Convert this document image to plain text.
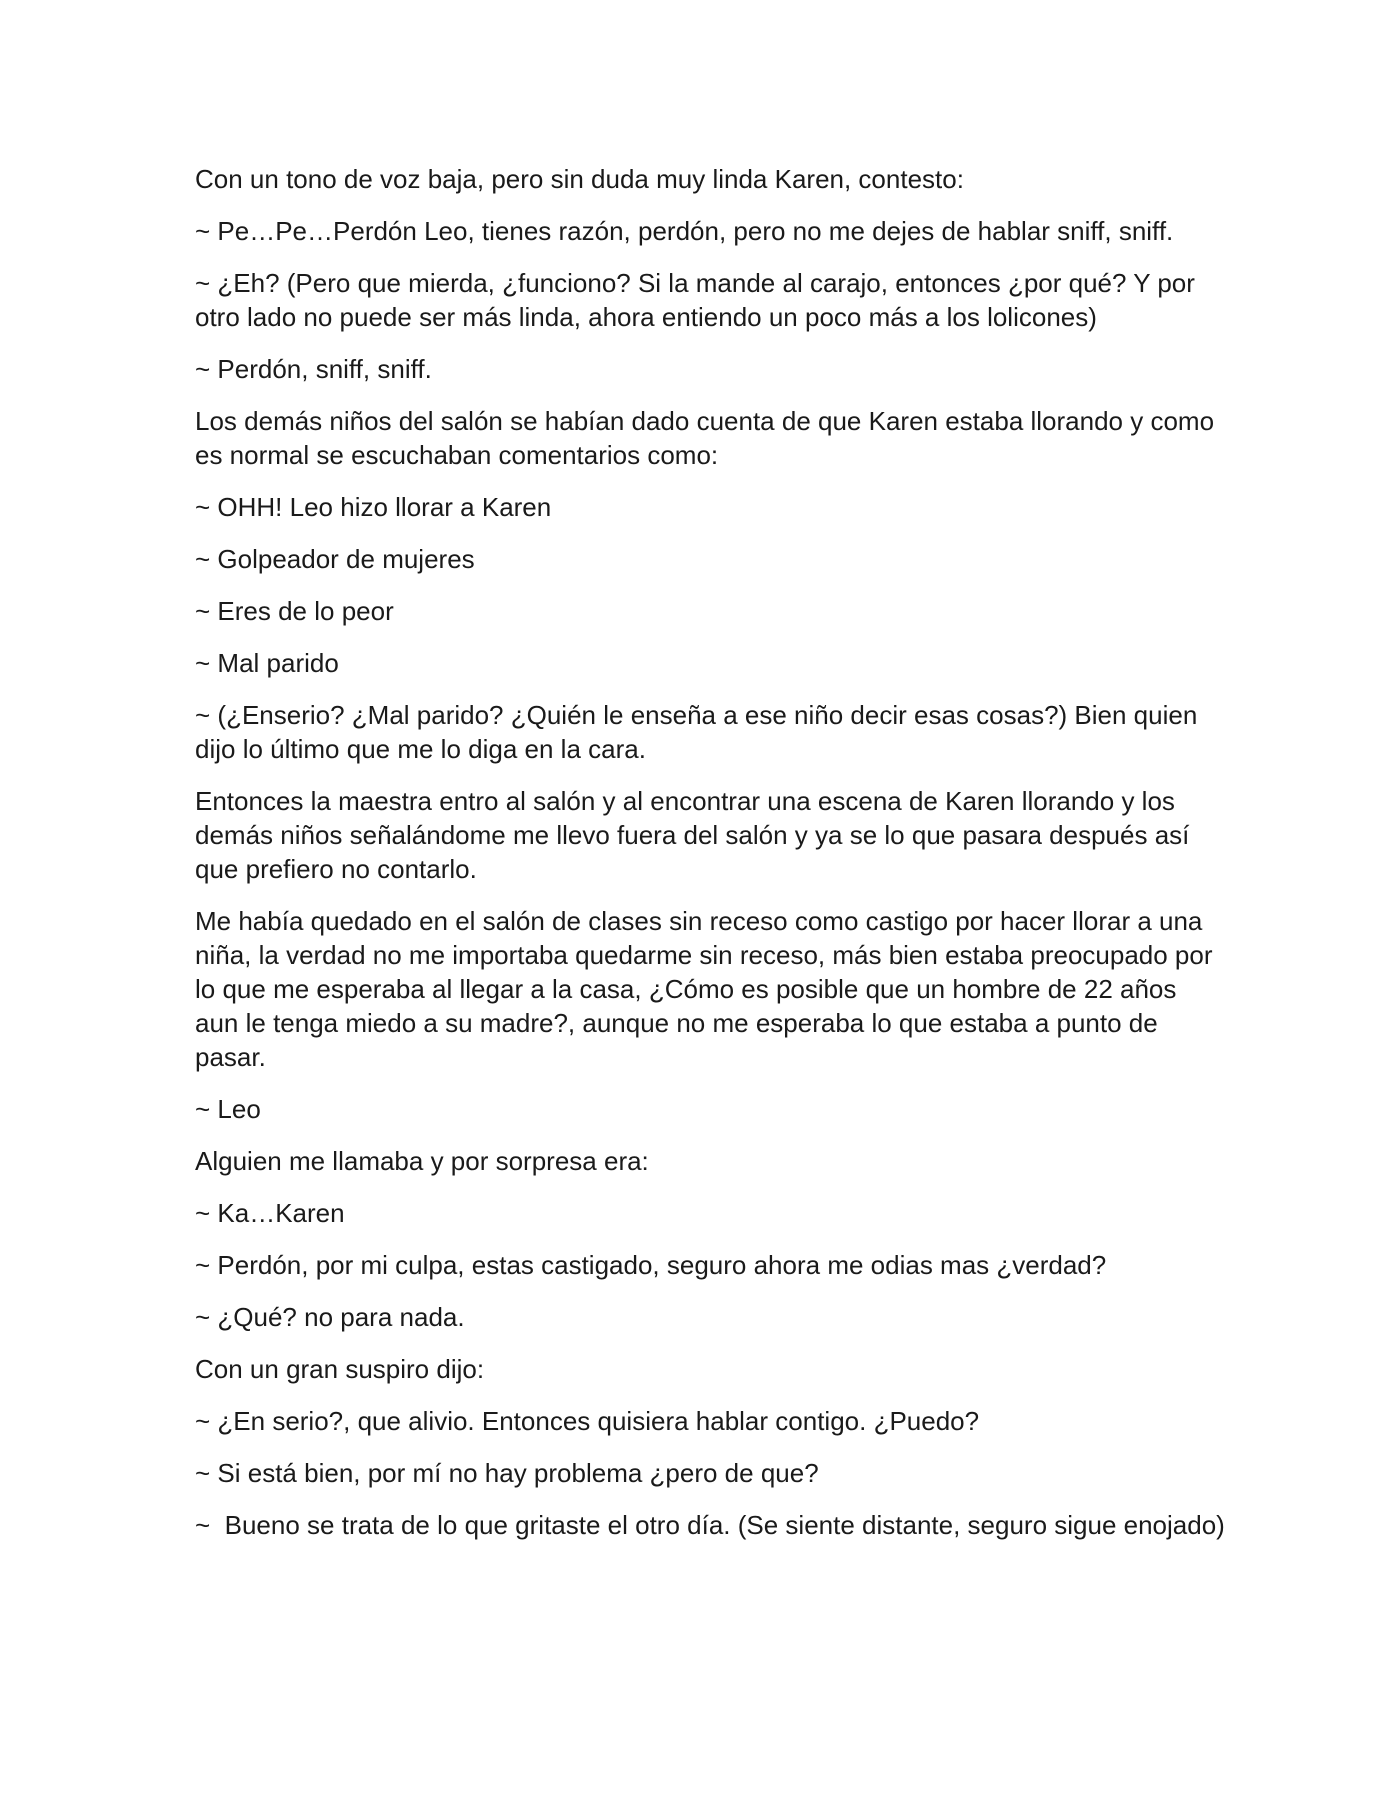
Con un tono de voz baja, pero sin duda muy linda Karen, contesto:

~ Pe…Pe…Perdón Leo, tienes razón, perdón, pero no me dejes de hablar sniff, sniff.

~ ¿Eh? (Pero que mierda, ¿funciono? Si la mande al carajo, entonces ¿por qué? Y por otro lado no puede ser más linda, ahora entiendo un poco más a los lolicones)

~ Perdón, sniff, sniff.

Los demás niños del salón se habían dado cuenta de que Karen estaba llorando y como es normal se escuchaban comentarios como:

~ OHH! Leo hizo llorar a Karen

~ Golpeador de mujeres

~ Eres de lo peor

~ Mal parido

~ (¿Enserio? ¿Mal parido? ¿Quién le enseña a ese niño decir esas cosas?) Bien quien dijo lo último que me lo diga en la cara.

Entonces la maestra entro al salón y al encontrar una escena de Karen llorando y los demás niños señalándome me llevo fuera del salón y ya se lo que pasara después así que prefiero no contarlo.

Me había quedado en el salón de clases sin receso como castigo por hacer llorar a una niña, la verdad no me importaba quedarme sin receso, más bien estaba preocupado por lo que me esperaba al llegar a la casa, ¿Cómo es posible que un hombre de 22 años aun le tenga miedo a su madre?, aunque no me esperaba lo que estaba a punto de pasar.

~ Leo

Alguien me llamaba y por sorpresa era:

~ Ka…Karen

~ Perdón, por mi culpa, estas castigado, seguro ahora me odias mas ¿verdad?

~ ¿Qué? no para nada.

Con un gran suspiro dijo:

~ ¿En serio?, que alivio. Entonces quisiera hablar contigo. ¿Puedo?

~ Si está bien, por mí no hay problema ¿pero de que?

~  Bueno se trata de lo que gritaste el otro día. (Se siente distante, seguro sigue enojado)
